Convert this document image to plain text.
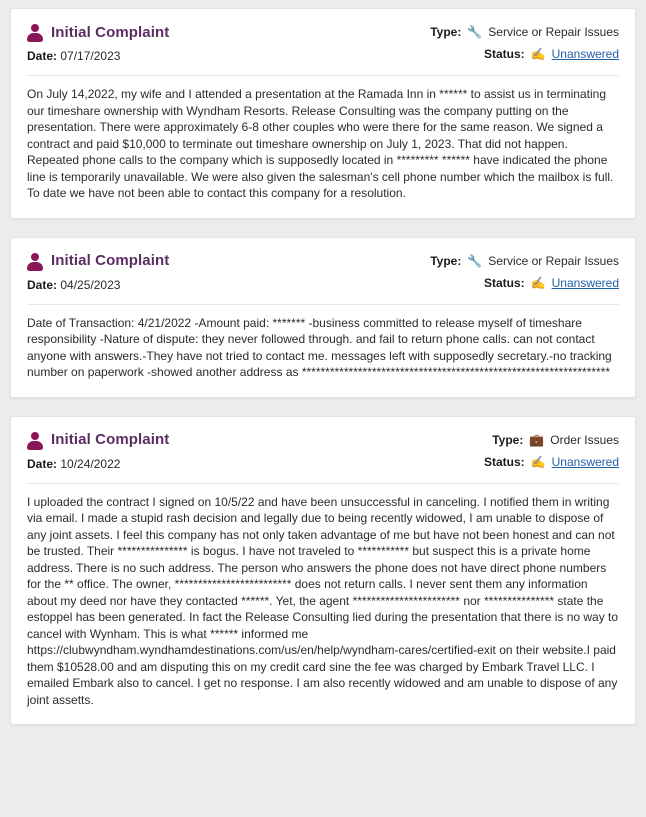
Initial Complaint
Date: 07/17/2023
Type: 🔧 Service or Repair Issues
Status: ✍ Unanswered
On July 14,2022, my wife and I attended a presentation at the Ramada Inn in ****** to assist us in terminating our timeshare ownership with Wyndham Resorts. Release Consulting was the company putting on the presentation. There were approximately 6-8 other couples who were there for the same reason. We signed a contract and paid $10,000 to terminate out timeshare ownership on July 1, 2023. That did not happen. Repeated phone calls to the company which is supposedly located in ********* ****** have indicated the phone line is temporarily unavailable. We were also given the salesman's cell phone number which the mailbox is full. To date we have not been able to contact this company for a resolution.
Initial Complaint
Date: 04/25/2023
Type: 🔧 Service or Repair Issues
Status: ✍ Unanswered
Date of Transaction: 4/21/2022 -Amount paid: ******* -business committed to release myself of timeshare responsibility -Nature of dispute: they never followed through. and fail to return phone calls. can not contact anyone with answers.-They have not tried to contact me. messages left with supposedly secretary.-no tracking number on paperwork -showed another address as ******************************************************************
Initial Complaint
Date: 10/24/2022
Type: 💼 Order Issues
Status: ✍ Unanswered
I uploaded the contract I signed on 10/5/22 and have been unsuccessful in canceling. I notified them in writing via email. I made a stupid rash decision and legally due to being recently widowed, I am unable to dispose of any joint assets. I feel this company has not only taken advantage of me but have not been honest and can not be trusted. Their *************** is bogus. I have not traveled to *********** but suspect this is a private home address. There is no such address. The person who answers the phone does not have direct phone numbers for the ** office. The owner, ************************* does not return calls. I never sent them any information about my deed nor have they contacted ******. Yet, the agent *********************** nor *************** state the estoppel has been generated. In fact the Release Consulting lied during the presentation that there is no way to cancel with Wynham. This is what ****** informed me https://clubwyndham.wyndhamdestinations.com/us/en/help/wyndham-cares/certified-exit on their website.I paid them $10528.00 and am disputing this on my credit card sine the fee was charged by Embark Travel LLC. I emailed Embark also to cancel. I get no response. I am also recently widowed and am unable to dispose of any joint assetts.
